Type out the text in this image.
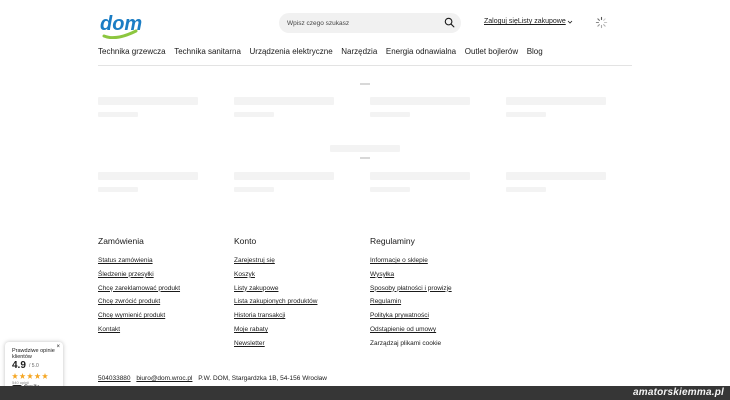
dom
Wpisz czego szukasz	Zaloguj się Listy zakupowe
Technika grzewcza Technika sanitarna Urządzenia elektryczne Narzędzia Energia odnawialna Outlet bojlerów Blog
Zamówienia
Status zamówienia
Śledzenie przesyłki
Chcę zareklamować produkt
Chcę zwrócić produkt
Chcę wymienić produkt
Kontakt
Konto
Zarejestruj się
Koszyk
Listy zakupowe
Lista zakupionych produktów
Historia transakcji
Moje rabaty
Newsletter
Regulaminy
Informacje o sklepie
Wysyłka
Sposoby płatności i prowizje
Regulamin
Polityka prywatności
Odstąpienie od umowy
Zarządzaj plikami cookie
504033880 biuro@dom.wroc.pl P.W. DOM, Stargardzka 1B, 54-156 Wrocław
Prawdziwe opinie klientów
×
4.9 / 5.0
540 opinii
amatorskiemma.pl
